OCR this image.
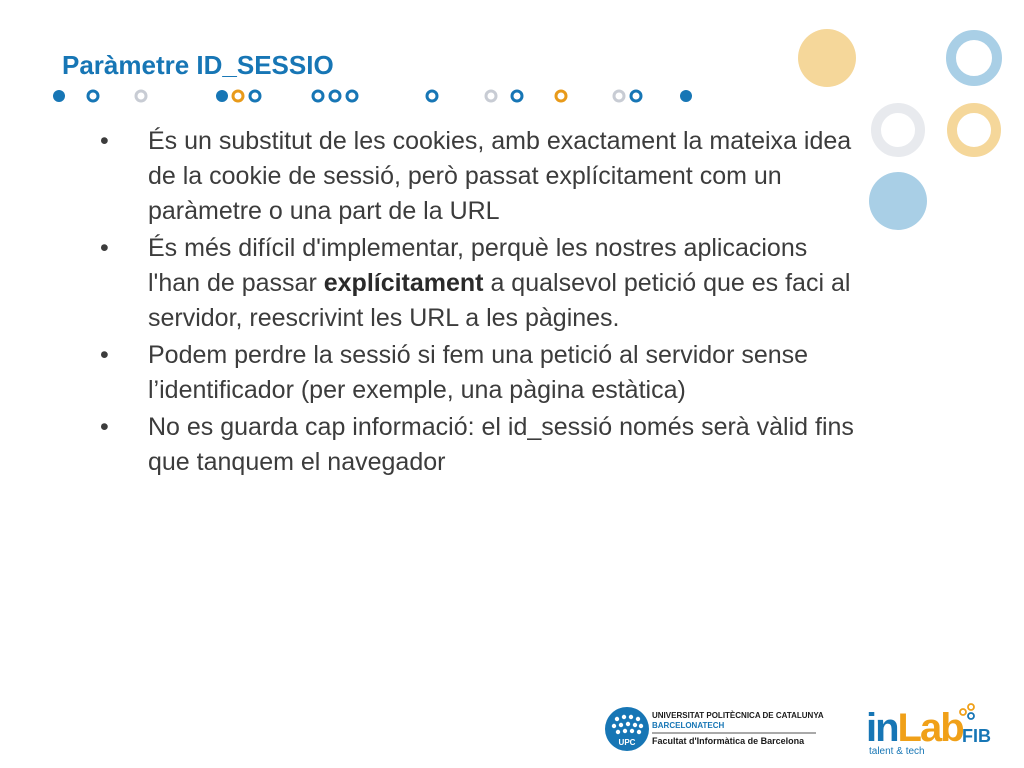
Paràmetre ID_SESSIO
UPC
• És un substitut de les cookies, amb exactament la mateixa idea de la cookie de sessió, però passat explícitament com un paràmetre o una part de la URL
• És més difícil d'implementar, perquè les nostres aplicacions l'han de passar explícitament a qualsevol petició que es faci al servidor, reescrivint les URL a les pàgines.
• Podem perdre la sessió si fem una petició al servidor sense l’identificador (per exemple, una pàgina estàtica)
• No es guarda cap informació: el id_sessió només serà vàlid fins que tanquem el navegador
UNIVERSITAT POLITÈCNICA DE CATALUNYA
BARCELONATECH
Facultat d'Informàtica de Barcelona	inLab FIB
talent & tech
